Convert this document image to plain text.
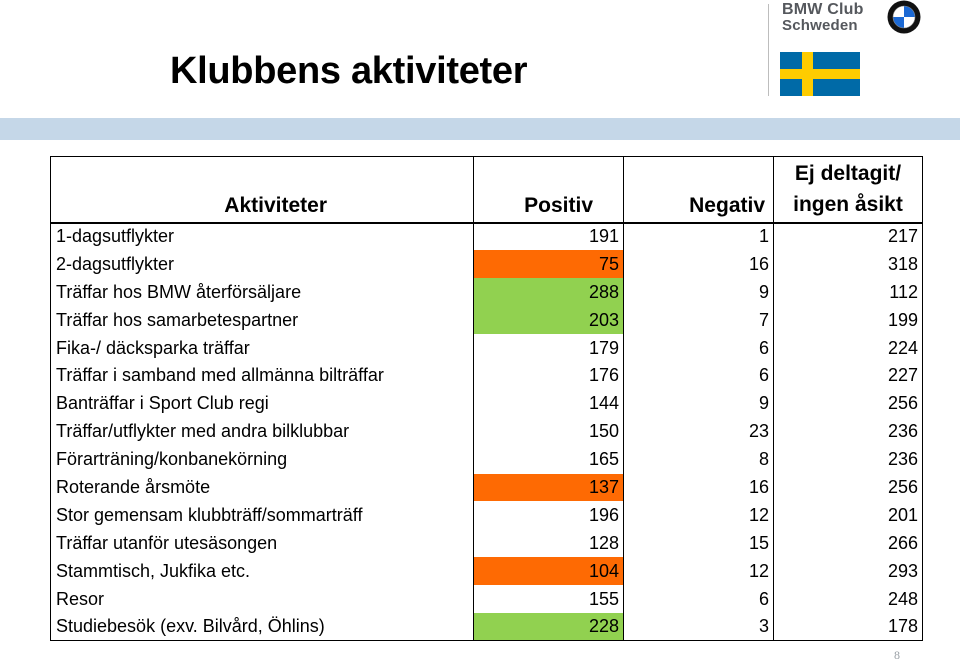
Klubbens aktiviteter
BMW Club
Schweden
Aktiviteter	Positiv	Negativ	Ej deltagit/
ingen åsikt

1-dagsutflykter	191	1	217
2-dagsutflykter	75	16	318
Träffar hos BMW återförsäljare	288	9	112
Träffar hos samarbetespartner	203	7	199
Fika-/ däcksparka träffar	179	6	224
Träffar i samband med allmänna bilträffar	176	6	227
Banträffar i Sport Club regi	144	9	256
Träffar/utflykter med andra bilklubbar	150	23	236
Förarträning/konbanekörning	165	8	236
Roterande årsmöte	137	16	256
Stor gemensam klubbträff/sommarträff	196	12	201
Träffar utanför utesäsongen	128	15	266
Stammtisch, Jukfika etc.	104	12	293
Resor	155	6	248
Studiebesök (exv. Bilvård, Öhlins)	228	3	178
8
